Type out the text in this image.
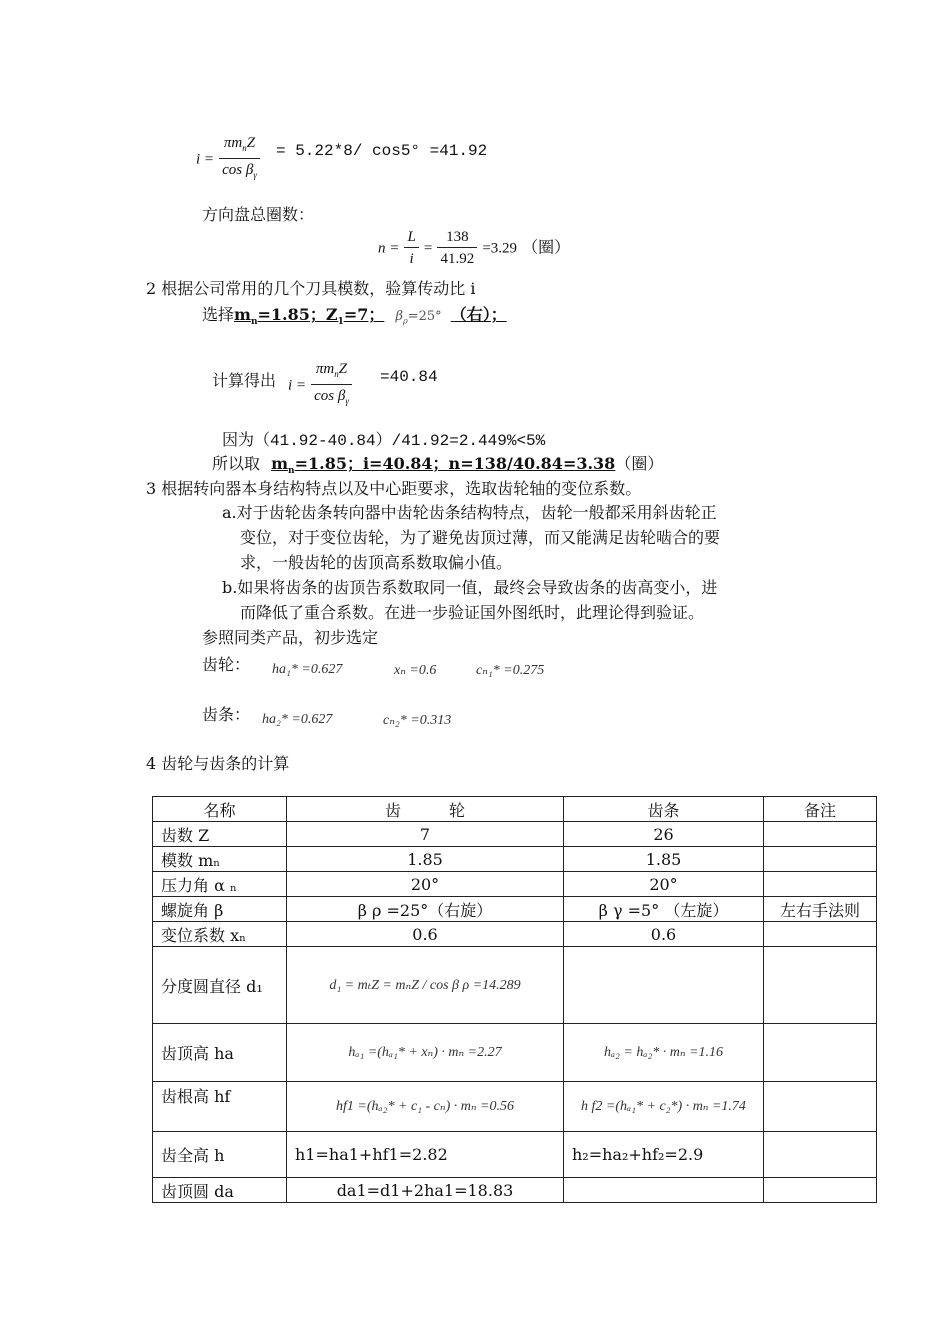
$i = \frac{\pi m_nZ}{\cos \beta_\gamma} = 5.22*8/$ cos5° =41.92
方向盘总圈数：
$n = \frac{L}{i} = \frac{138}{41.92} =3.29$ （圈）
2 根据公司常用的几个刀具模数，验算传动比 i
选择$m_n=1.85$；$Z_1=7$； $\beta_\rho=25^\circ$ （右）；
计算得出 $i = \frac{\pi m_nZ}{\cos \beta_\gamma} =40.84$
因为（41.92-40.84）/41.92=2.449%<5%
所以取 $m_n=1.85$；i=40.84；n=138/40.84=3.38（圈）
3 根据转向器本身结构特点以及中心距要求，选取齿轮轴的变位系数。
a.对于齿轮齿条转向器中齿轮齿条结构特点，齿轮一般都采用斜齿轮正
变位，对于变位齿轮，为了避免齿顶过薄，而又能满足齿轮啮合的要
求，一般齿轮的齿顶高系数取偏小值。
b.如果将齿条的齿顶告系数取同一值，最终会导致齿条的齿高变小，进
而降低了重合系数。在进一步验证国外图纸时，此理论得到验证。
参照同类产品，初步选定
齿轮： ha₁* =0.627	xₙ =0.6	cₙ₁* =0.275
齿条： ha₂* =0.627	cₙ₂* =0.313
4 齿轮与齿条的计算
名称	齿　　　轮	齿条	备注
齿数 Z	7	26	
模数 mₙ	1.85	1.85	
压力角 α ₙ	20°	20°	
螺旋角 β	β ρ =25°（右旋）	β γ =5° （左旋）	左右手法则
变位系数 xₙ	0.6	0.6	
分度圆直径 d₁	d₁ = mₜZ = mₙZ / cos β ρ =14.289		
齿顶高 ha	hₐ₁ =(hₐ₁* + xₙ) · mₙ =2.27	hₐ₂ = hₐ₂* · mₙ =1.16	
齿根高 hf	hf1 =(hₐ₂* + c₁ - cₙ) · mₙ =0.56	h f2 =(hₐ₁* + c₂*) · mₙ =1.74	
齿全高 h	h1=ha1+hf1=2.82	h₂=ha₂+hf₂=2.9	
齿顶圆 da	da1=d1+2ha1=18.83		
